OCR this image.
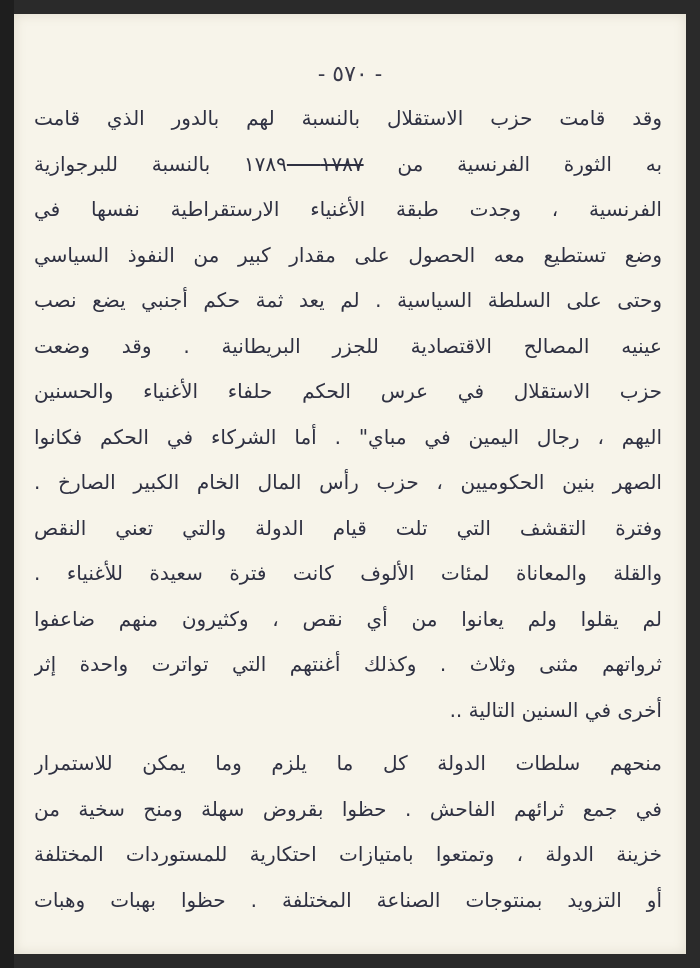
- ٥٧٠ -
وقد قامت حزب الاستقلال بالنسبة لهم بالدور الذي قامت
به الثورة الفرنسية من ١٧٨٧ ۱۷۸۹ بالنسبة للبرجوازية
الفرنسية ، وجدت طبقة الأغنياء الارستقراطية نفسها في
وضع تستطيع معه الحصول على مقدار كبير من النفوذ السياسي
وحتى على السلطة السياسية . لم يعد ثمة حكم أجنبي يضع نصب
عينيه المصالح الاقتصادية للجزر البريطانية . وقد وضعت
حزب الاستقلال في عرس الحكم حلفاء الأغنياء والحسنين
اليهم ، رجال اليمين في مباي" . أما الشركاء في الحكم فكانوا
الصهر بنين الحكوميين ، حزب رأس المال الخام الكبير الصارخ .
وفترة التقشف التي تلت قيام الدولة والتي تعني النقص
والقلة والمعاناة لمئات الألوف كانت فترة سعيدة للأغنياء .
لم يقلوا ولم يعانوا من أي نقص ، وكثيرون منهم ضاعفوا
ثرواتهم مثنى وثلاث . وكذلك أغنتهم التي تواترت واحدة إثر
أخرى في السنين التالية ..
منحهم سلطات الدولة كل ما يلزم وما يمكن للاستمرار
في جمع ثرائهم الفاحش . حظوا بقروض سهلة ومنح سخية من
خزينة الدولة ، وتمتعوا بامتيازات احتكارية للمستوردات المختلفة
أو التزويد بمنتوجات الصناعة المختلفة . حظوا بهبات وهبات
